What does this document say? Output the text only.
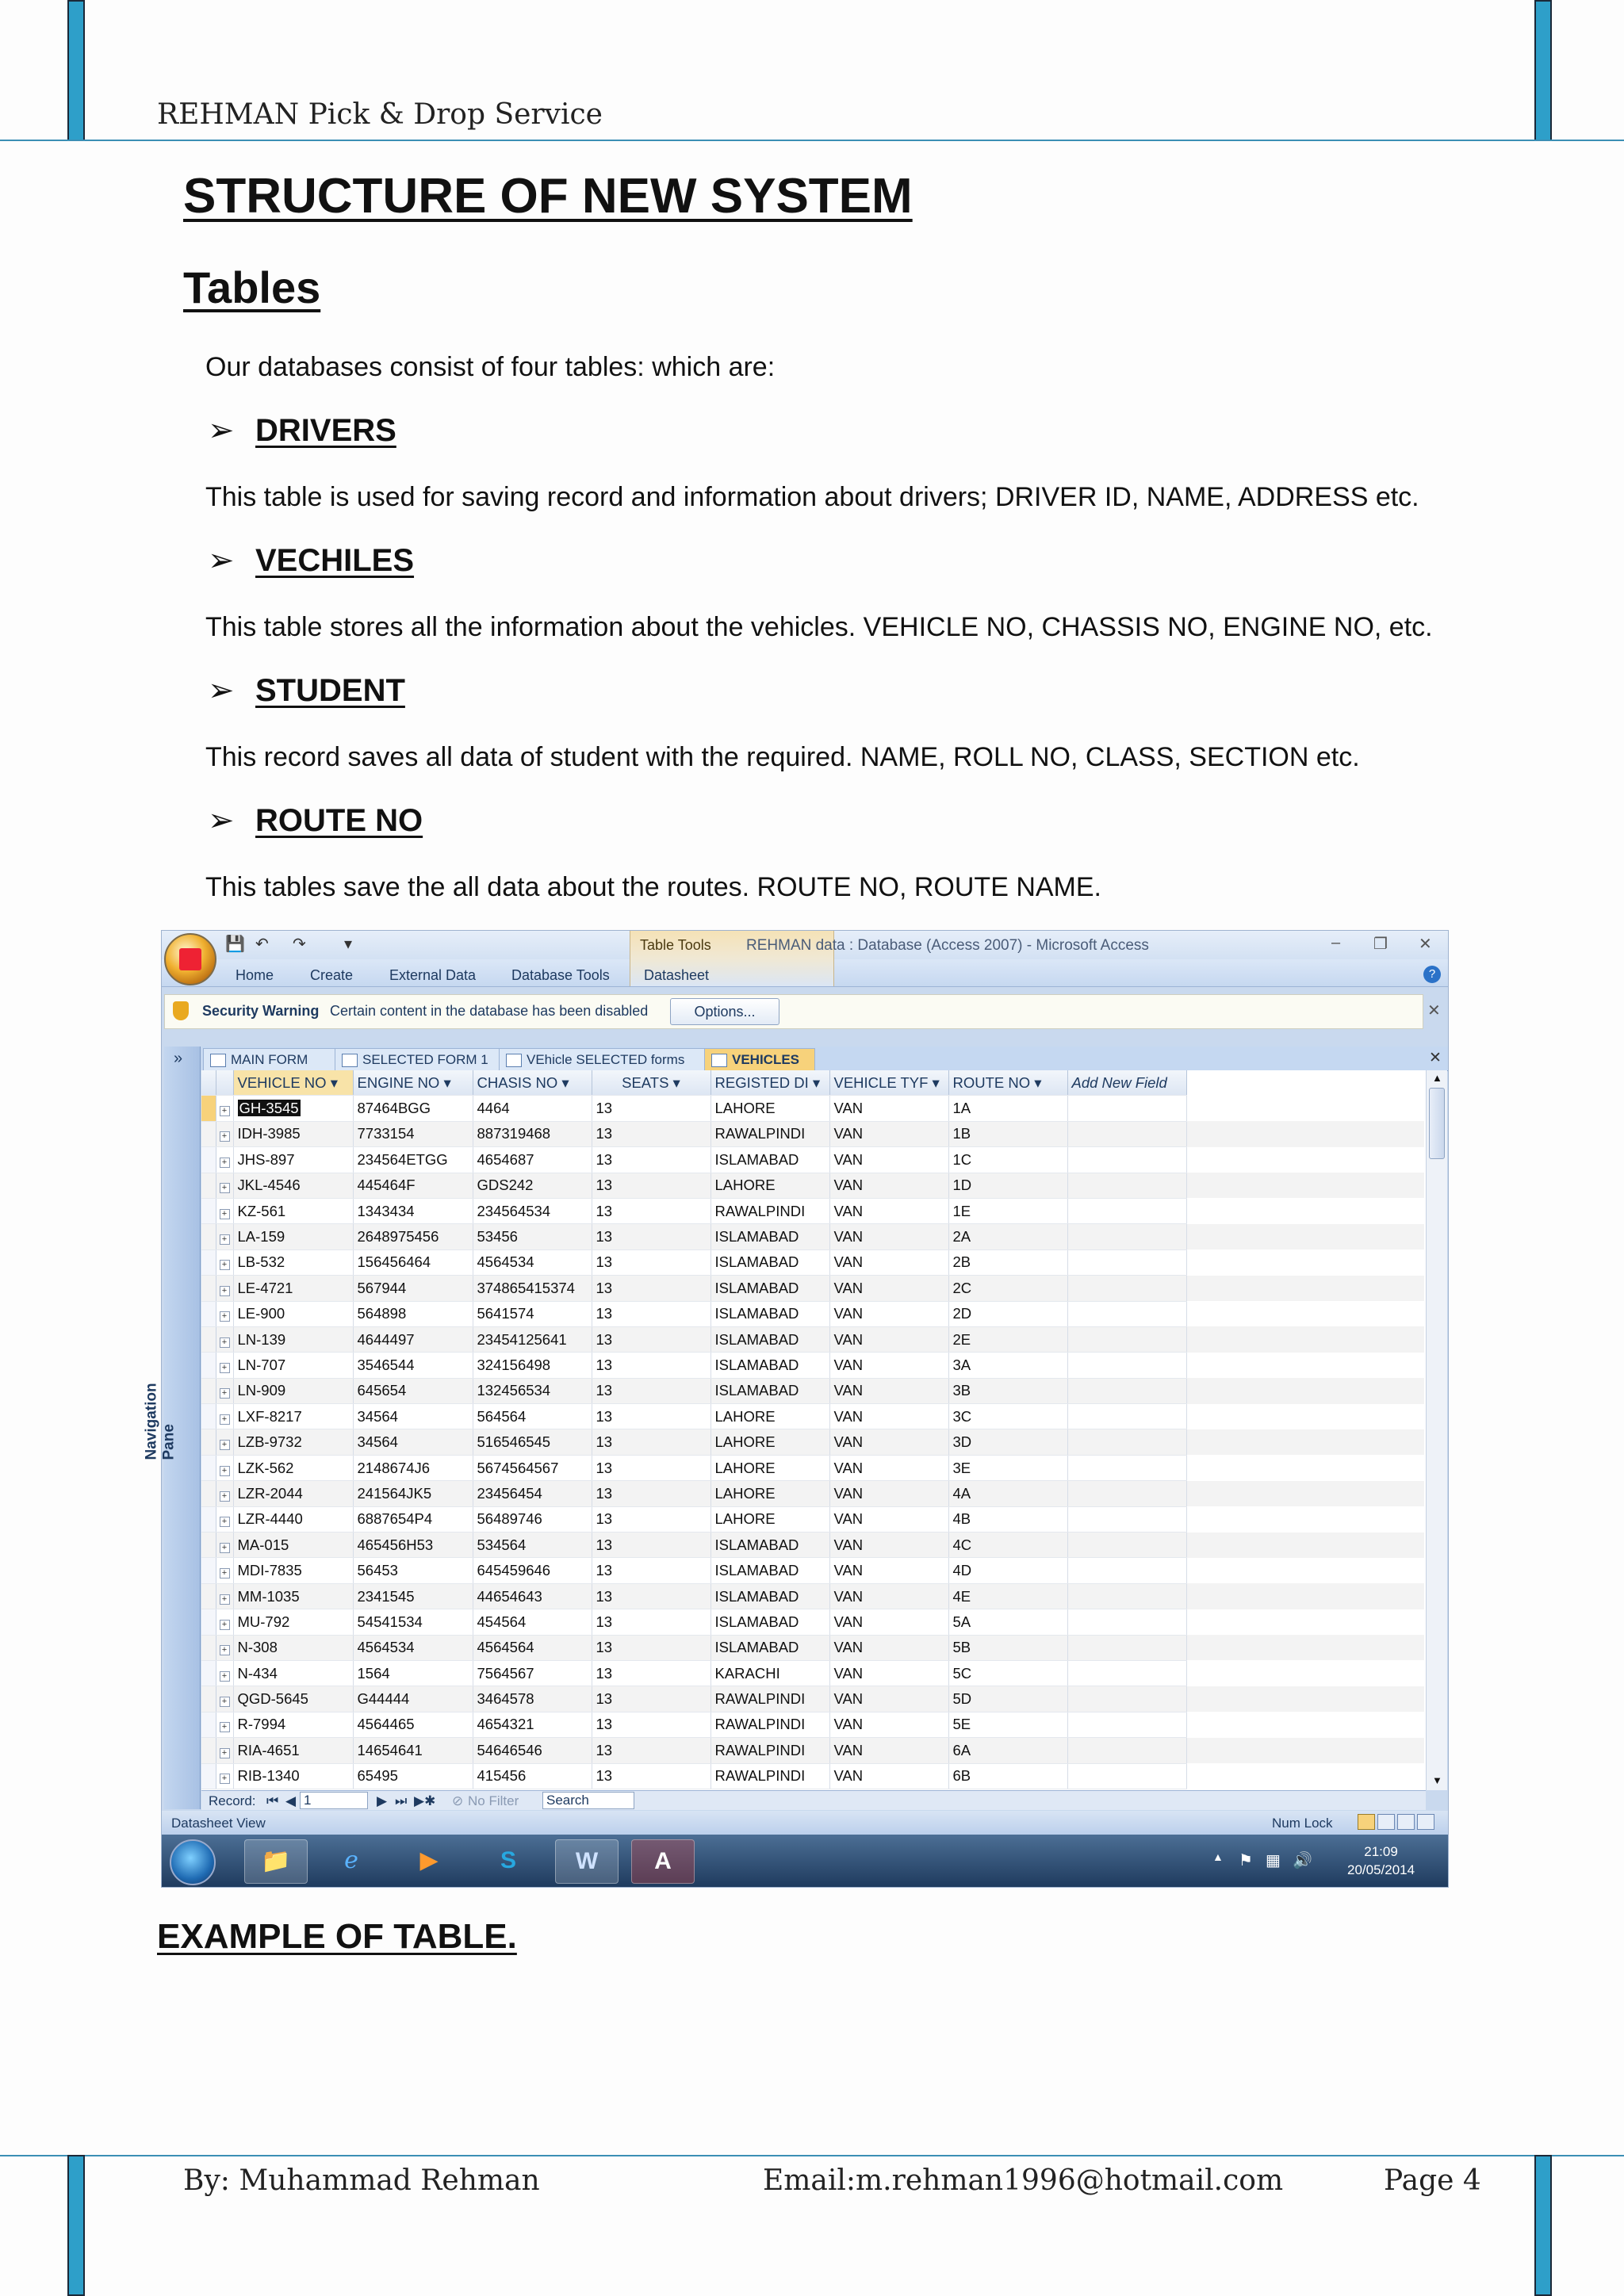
REHMAN Pick & Drop Service
STRUCTURE OF NEW SYSTEM
Tables
Our databases consist of four tables: which are:
➢ DRIVERS
This table is used for saving record and information about drivers; DRIVER ID, NAME, ADDRESS etc.
➢ VECHILES
This table stores all the information about the vehicles. VEHICLE NO, CHASSIS NO, ENGINE NO, etc.
➢ STUDENT
This record saves all data of student with the required. NAME, ROLL NO, CLASS, SECTION etc.
➢ ROUTE NO
This tables save the all data about the routes. ROUTE NO, ROUTE NAME.
Table Tools
💾 ↶ ↷ ▾	REHMAN data : Database (Access 2007) - Microsoft Access	– ❐ ✕
Home	Create	External Data Database Tools Datasheet	?
Security Warning Certain content in the database has been disabled	Options...	✕
»
Navigation Pane
MAIN FORM	SELECTED FORM 1	VEhicle SELECTED forms	VEHICLES	✕
		VEHICLE NO ▾	ENGINE NO ▾	CHASIS NO ▾	SEATS ▾	REGISTED DI ▾	VEHICLE TYF ▾	ROUTE NO ▾	Add New Field		
	+	GH-3545	87464BGG	4464	13	LAHORE	VAN	1A			
	+	IDH-3985	7733154	887319468	13	RAWALPINDI	VAN	1B			
	+	JHS-897	234564ETGG	4654687	13	ISLAMABAD	VAN	1C			
	+	JKL-4546	445464F	GDS242	13	LAHORE	VAN	1D			
	+	KZ-561	1343434	234564534	13	RAWALPINDI	VAN	1E			
	+	LA-159	2648975456	53456	13	ISLAMABAD	VAN	2A			
	+	LB-532	156456464	4564534	13	ISLAMABAD	VAN	2B			
	+	LE-4721	567944	374865415374	13	ISLAMABAD	VAN	2C			
	+	LE-900	564898	5641574	13	ISLAMABAD	VAN	2D			
	+	LN-139	4644497	23454125641	13	ISLAMABAD	VAN	2E			
	+	LN-707	3546544	324156498	13	ISLAMABAD	VAN	3A			
	+	LN-909	645654	132456534	13	ISLAMABAD	VAN	3B			
	+	LXF-8217	34564	564564	13	LAHORE	VAN	3C			
	+	LZB-9732	34564	516546545	13	LAHORE	VAN	3D			
	+	LZK-562	2148674J6	5674564567	13	LAHORE	VAN	3E			
	+	LZR-2044	241564JK5	23456454	13	LAHORE	VAN	4A			
	+	LZR-4440	6887654P4	56489746	13	LAHORE	VAN	4B			
	+	MA-015	465456H53	534564	13	ISLAMABAD	VAN	4C			
	+	MDI-7835	56453	645459646	13	ISLAMABAD	VAN	4D			
	+	MM-1035	2341545	44654643	13	ISLAMABAD	VAN	4E			
	+	MU-792	54541534	454564	13	ISLAMABAD	VAN	5A			
	+	N-308	4564534	4564564	13	ISLAMABAD	VAN	5B			
	+	N-434	1564	7564567	13	KARACHI	VAN	5C			
	+	QGD-5645	G44444	3464578	13	RAWALPINDI	VAN	5D			
	+	R-7994	4564465	4654321	13	RAWALPINDI	VAN	5E			
	+	RIA-4651	14654641	54646546	13	RAWALPINDI	VAN	6A			
	+	RIB-1340	65495	415456	13	RAWALPINDI	VAN	6B			
▲
▼
Record: ⏮ ◀ 1	▶ ⏭ ▶✱ ⊘ No Filter Search
Datasheet View	Num Lock
📁	ℯ	▶	S	W	A	▲ ⚑ ▦ 🔊
21:09
20/05/2014
EXAMPLE OF TABLE.
By: Muhammad Rehman	Email:m.rehman1996@hotmail.com	Page 4
